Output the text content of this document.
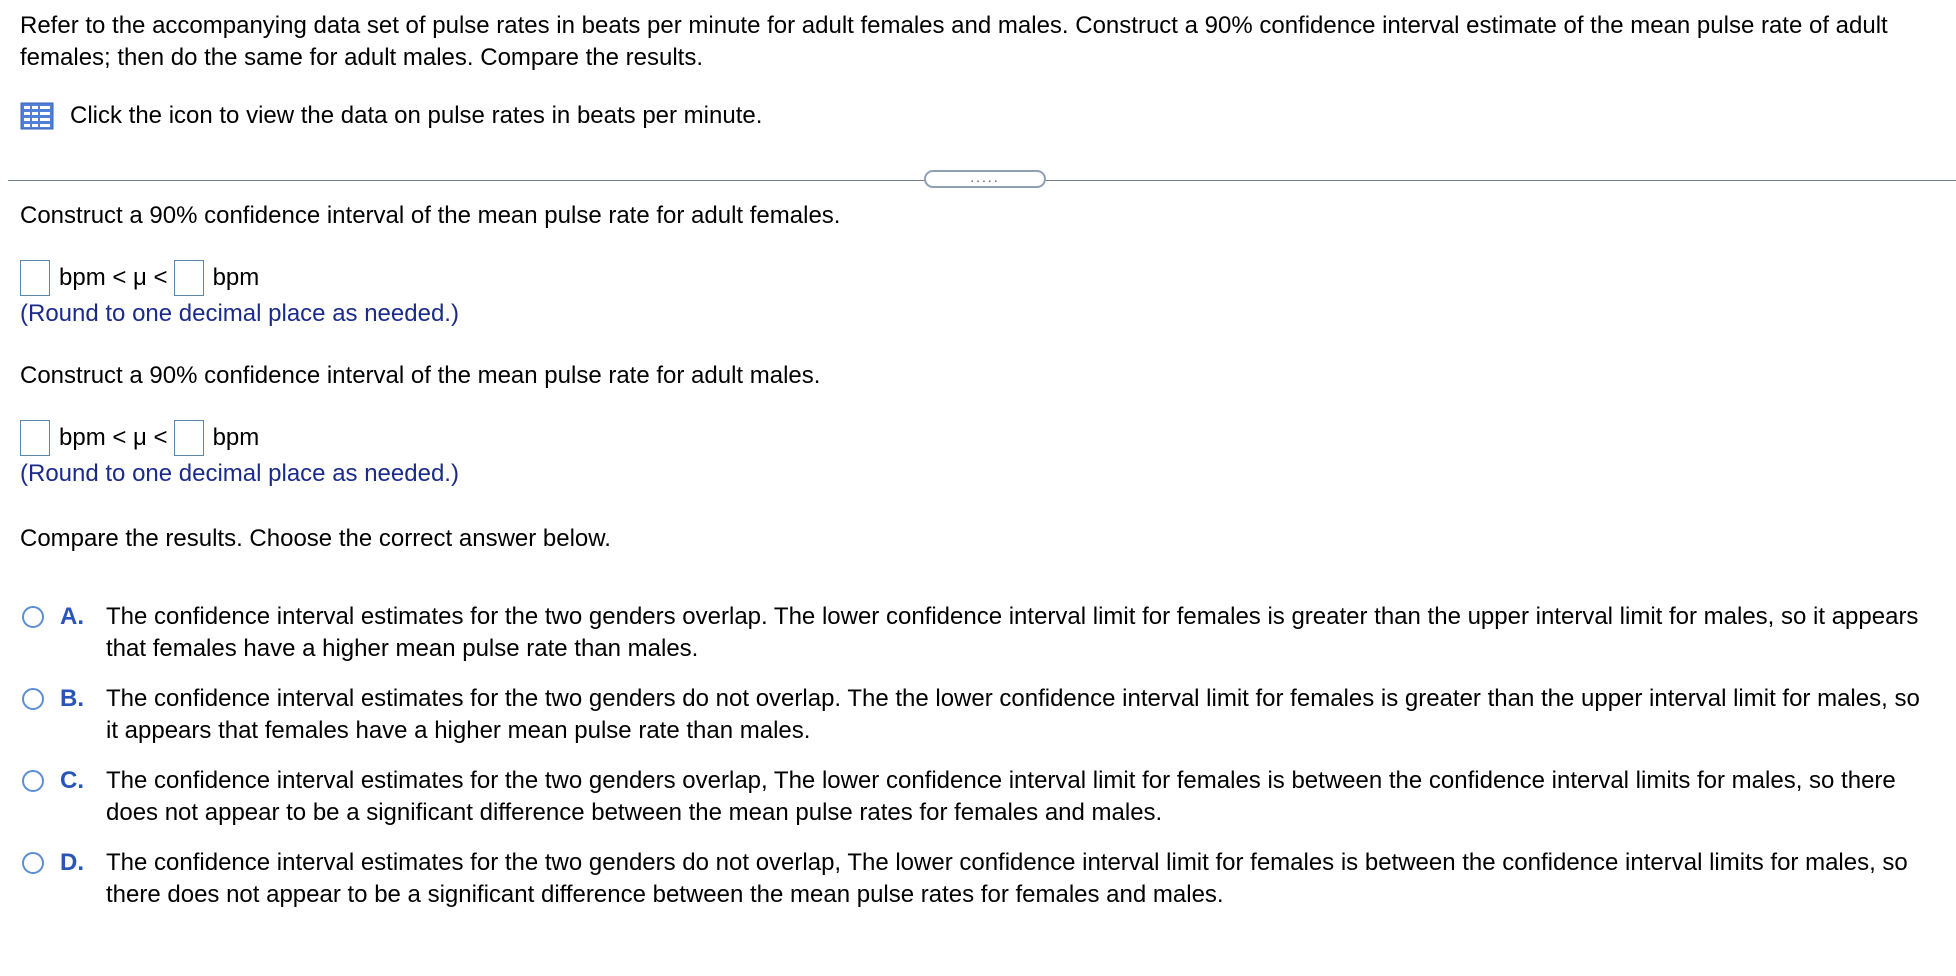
Refer to the accompanying data set of pulse rates in beats per minute for adult females and males. Construct a 90% confidence interval estimate of the mean pulse rate of adult females; then do the same for adult males. Compare the results.

Click the icon to view the data on pulse rates in beats per minute.
.....
Construct a 90% confidence interval of the mean pulse rate for adult females.
bpm < μ <	bpm
(Round to one decimal place as needed.)
Construct a 90% confidence interval of the mean pulse rate for adult males.
bpm < μ <	bpm
(Round to one decimal place as needed.)
Compare the results. Choose the correct answer below.
A. The confidence interval estimates for the two genders overlap. The lower confidence interval limit for females is greater than the upper interval limit for males, so it appears that females have a higher mean pulse rate than males.
B. The confidence interval estimates for the two genders do not overlap. The the lower confidence interval limit for females is greater than the upper interval limit for males, so it appears that females have a higher mean pulse rate than males.
C. The confidence interval estimates for the two genders overlap, The lower confidence interval limit for females is between the confidence interval limits for males, so there does not appear to be a significant difference between the mean pulse rates for females and males.
D. The confidence interval estimates for the two genders do not overlap, The lower confidence interval limit for females is between the confidence interval limits for males, so there does not appear to be a significant difference between the mean pulse rates for females and males.
